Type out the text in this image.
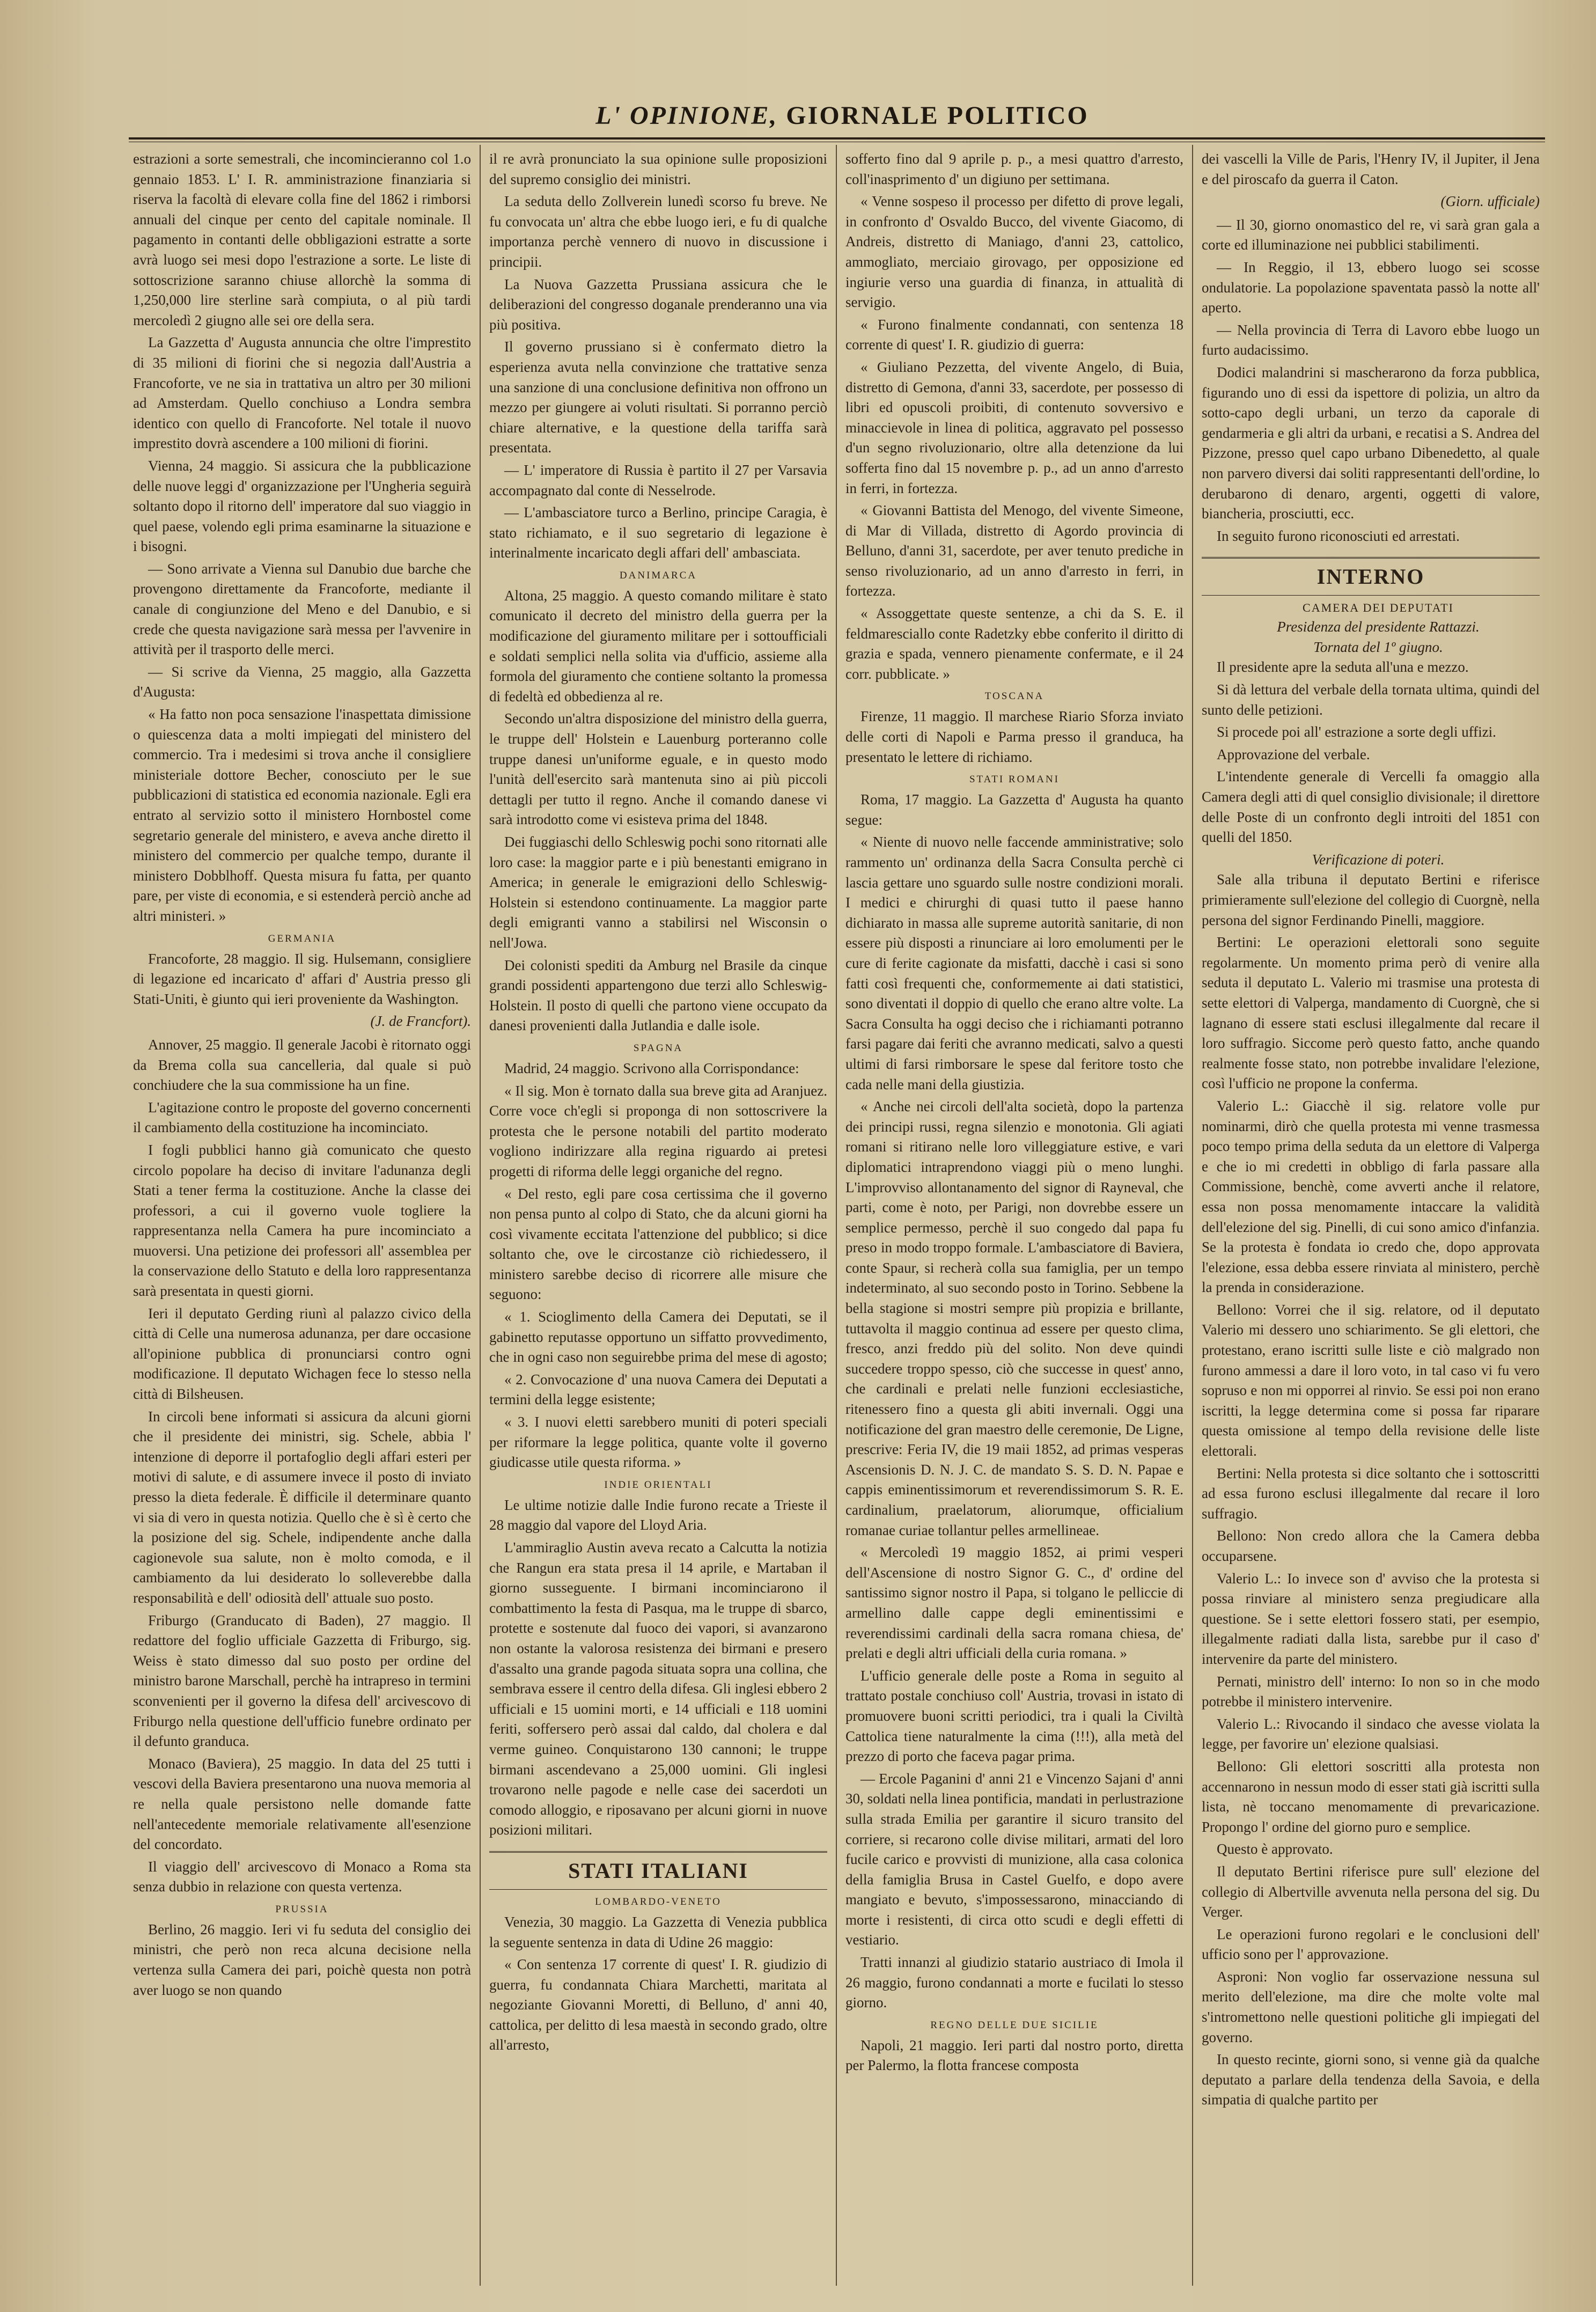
L' OPINIONE, GIORNALE POLITICO

estrazioni a sorte semestrali, che incomincieranno col 1.o gennaio 1853. L' I. R. amministrazione finanziaria si riserva la facoltà di elevare colla fine del 1862 i rimborsi annuali del cinque per cento del capitale nominale. Il pagamento in contanti delle obbligazioni estratte a sorte avrà luogo sei mesi dopo l'estrazione a sorte. Le liste di sottoscrizione saranno chiuse allorchè la somma di 1,250,000 lire sterline sarà compiuta, o al più tardi mercoledì 2 giugno alle sei ore della sera.

La Gazzetta d' Augusta annuncia che oltre l'imprestito di 35 milioni di fiorini che si negozia dall'Austria a Francoforte, ve ne sia in trattativa un altro per 30 milioni ad Amsterdam. Quello conchiuso a Londra sembra identico con quello di Francoforte. Nel totale il nuovo imprestito dovrà ascendere a 100 milioni di fiorini.

Vienna, 24 maggio. Si assicura che la pubblicazione delle nuove leggi d' organizzazione per l'Ungheria seguirà soltanto dopo il ritorno dell' imperatore dal suo viaggio in quel paese, volendo egli prima esaminarne la situazione e i bisogni.

— Sono arrivate a Vienna sul Danubio due barche che provengono direttamente da Francoforte, mediante il canale di congiunzione del Meno e del Danubio, e si crede che questa navigazione sarà messa per l'avvenire in attività per il trasporto delle merci.

— Si scrive da Vienna, 25 maggio, alla Gazzetta d'Augusta:

« Ha fatto non poca sensazione l'inaspettata dimissione o quiescenza data a molti impiegati del ministero del commercio. Tra i medesimi si trova anche il consigliere ministeriale dottore Becher, conosciuto per le sue pubblicazioni di statistica ed economia nazionale. Egli era entrato al servizio sotto il ministero Hornbostel come segretario generale del ministero, e aveva anche diretto il ministero del commercio per qualche tempo, durante il ministero Dobblhoff. Questa misura fu fatta, per quanto pare, per viste di economia, e si estenderà perciò anche ad altri ministeri. »

GERMANIA

Francoforte, 28 maggio. Il sig. Hulsemann, consigliere di legazione ed incaricato d' affari d' Austria presso gli Stati-Uniti, è giunto qui ieri proveniente da Washington.

(J. de Francfort).

Annover, 25 maggio. Il generale Jacobi è ritornato oggi da Brema colla sua cancelleria, dal quale si può conchiudere che la sua commissione ha un fine.

L'agitazione contro le proposte del governo concernenti il cambiamento della costituzione ha incominciato.

I fogli pubblici hanno già comunicato che questo circolo popolare ha deciso di invitare l'adunanza degli Stati a tener ferma la costituzione. Anche la classe dei professori, a cui il governo vuole togliere la rappresentanza nella Camera ha pure incominciato a muoversi. Una petizione dei professori all' assemblea per la conservazione dello Statuto e della loro rappresentanza sarà presentata in questi giorni.

Ieri il deputato Gerding riunì al palazzo civico della città di Celle una numerosa adunanza, per dare occasione all'opinione pubblica di pronunciarsi contro ogni modificazione. Il deputato Wichagen fece lo stesso nella città di Bilsheusen.

In circoli bene informati si assicura da alcuni giorni che il presidente dei ministri, sig. Schele, abbia l' intenzione di deporre il portafoglio degli affari esteri per motivi di salute, e di assumere invece il posto di inviato presso la dieta federale. È difficile il determinare quanto vi sia di vero in questa notizia. Quello che è sì è certo che la posizione del sig. Schele, indipendente anche dalla cagionevole sua salute, non è molto comoda, e il cambiamento da lui desiderato lo solleverebbe dalla responsabilità e dell' odiosità dell' attuale suo posto.

Friburgo (Granducato di Baden), 27 maggio. Il redattore del foglio ufficiale Gazzetta di Friburgo, sig. Weiss è stato dimesso dal suo posto per ordine del ministro barone Marschall, perchè ha intrapreso in termini sconvenienti per il governo la difesa dell' arcivescovo di Friburgo nella questione dell'ufficio funebre ordinato per il defunto granduca.

Monaco (Baviera), 25 maggio. In data del 25 tutti i vescovi della Baviera presentarono una nuova memoria al re nella quale persistono nelle domande fatte nell'antecedente memoriale relativamente all'esenzione del concordato.

Il viaggio dell' arcivescovo di Monaco a Roma sta senza dubbio in relazione con questa vertenza.

PRUSSIA

Berlino, 26 maggio. Ieri vi fu seduta del consiglio dei ministri, che però non reca alcuna decisione nella vertenza sulla Camera dei pari, poichè questa non potrà aver luogo se non quando

il re avrà pronunciato la sua opinione sulle proposizioni del supremo consiglio dei ministri.

La seduta dello Zollverein lunedì scorso fu breve. Ne fu convocata un' altra che ebbe luogo ieri, e fu di qualche importanza perchè vennero di nuovo in discussione i principii.

La Nuova Gazzetta Prussiana assicura che le deliberazioni del congresso doganale prenderanno una via più positiva.

Il governo prussiano si è confermato dietro la esperienza avuta nella convinzione che trattative senza una sanzione di una conclusione definitiva non offrono un mezzo per giungere ai voluti risultati. Si porranno perciò chiare alternative, e la questione della tariffa sarà presentata.

— L' imperatore di Russia è partito il 27 per Varsavia accompagnato dal conte di Nesselrode.

— L'ambasciatore turco a Berlino, principe Caragia, è stato richiamato, e il suo segretario di legazione è interinalmente incaricato degli affari dell' ambasciata.

DANIMARCA

Altona, 25 maggio. A questo comando militare è stato comunicato il decreto del ministro della guerra per la modificazione del giuramento militare per i sottoufficiali e soldati semplici nella solita via d'ufficio, assieme alla formola del giuramento che contiene soltanto la promessa di fedeltà ed obbedienza al re.

Secondo un'altra disposizione del ministro della guerra, le truppe dell' Holstein e Lauenburg porteranno colle truppe danesi un'uniforme eguale, e in questo modo l'unità dell'esercito sarà mantenuta sino ai più piccoli dettagli per tutto il regno. Anche il comando danese vi sarà introdotto come vi esisteva prima del 1848.

Dei fuggiaschi dello Schleswig pochi sono ritornati alle loro case: la maggior parte e i più benestanti emigrano in America; in generale le emigrazioni dello Schleswig-Holstein si estendono continuamente. La maggior parte degli emigranti vanno a stabilirsi nel Wisconsin o nell'Jowa.

Dei colonisti spediti da Amburg nel Brasile da cinque grandi possidenti appartengono due terzi allo Schleswig-Holstein. Il posto di quelli che partono viene occupato da danesi provenienti dalla Jutlandia e dalle isole.

SPAGNA

Madrid, 24 maggio. Scrivono alla Corrispondance:

« Il sig. Mon è tornato dalla sua breve gita ad Aranjuez. Corre voce ch'egli si proponga di non sottoscrivere la protesta che le persone notabili del partito moderato vogliono indirizzare alla regina riguardo ai pretesi progetti di riforma delle leggi organiche del regno.

« Del resto, egli pare cosa certissima che il governo non pensa punto al colpo di Stato, che da alcuni giorni ha così vivamente eccitata l'attenzione del pubblico; si dice soltanto che, ove le circostanze ciò richiedessero, il ministero sarebbe deciso di ricorrere alle misure che seguono:

« 1. Scioglimento della Camera dei Deputati, se il gabinetto reputasse opportuno un siffatto provvedimento, che in ogni caso non seguirebbe prima del mese di agosto;

« 2. Convocazione d' una nuova Camera dei Deputati a termini della legge esistente;

« 3. I nuovi eletti sarebbero muniti di poteri speciali per riformare la legge politica, quante volte il governo giudicasse utile questa riforma. »

INDIE ORIENTALI

Le ultime notizie dalle Indie furono recate a Trieste il 28 maggio dal vapore del Lloyd Aria.

L'ammiraglio Austin aveva recato a Calcutta la notizia che Rangun era stata presa il 14 aprile, e Martaban il giorno susseguente. I birmani incominciarono il combattimento la festa di Pasqua, ma le truppe di sbarco, protette e sostenute dal fuoco dei vapori, si avanzarono non ostante la valorosa resistenza dei birmani e presero d'assalto una grande pagoda situata sopra una collina, che sembrava essere il centro della difesa. Gli inglesi ebbero 2 ufficiali e 15 uomini morti, e 14 ufficiali e 118 uomini feriti, soffersero però assai dal caldo, dal cholera e dal verme guineo. Conquistarono 130 cannoni; le truppe birmani ascendevano a 25,000 uomini. Gli inglesi trovarono nelle pagode e nelle case dei sacerdoti un comodo alloggio, e riposavano per alcuni giorni in nuove posizioni militari.

STATI ITALIANI
LOMBARDO-VENETO

Venezia, 30 maggio. La Gazzetta di Venezia pubblica la seguente sentenza in data di Udine 26 maggio:

« Con sentenza 17 corrente di quest' I. R. giudizio di guerra, fu condannata Chiara Marchetti, maritata al negoziante Giovanni Moretti, di Belluno, d' anni 40, cattolica, per delitto di lesa maestà in secondo grado, oltre all'arresto,

sofferto fino dal 9 aprile p. p., a mesi quattro d'arresto, coll'inasprimento d' un digiuno per settimana.

« Venne sospeso il processo per difetto di prove legali, in confronto d' Osvaldo Bucco, del vivente Giacomo, di Andreis, distretto di Maniago, d'anni 23, cattolico, ammogliato, merciaio girovago, per opposizione ed ingiurie verso una guardia di finanza, in attualità di servigio.

« Furono finalmente condannati, con sentenza 18 corrente di quest' I. R. giudizio di guerra:

« Giuliano Pezzetta, del vivente Angelo, di Buia, distretto di Gemona, d'anni 33, sacerdote, per possesso di libri ed opuscoli proibiti, di contenuto sovversivo e minaccievole in linea di politica, aggravato pel possesso d'un segno rivoluzionario, oltre alla detenzione da lui sofferta fino dal 15 novembre p. p., ad un anno d'arresto in ferri, in fortezza.

« Giovanni Battista del Menogo, del vivente Simeone, di Mar di Villada, distretto di Agordo provincia di Belluno, d'anni 31, sacerdote, per aver tenuto prediche in senso rivoluzionario, ad un anno d'arresto in ferri, in fortezza.

« Assoggettate queste sentenze, a chi da S. E. il feldmaresciallo conte Radetzky ebbe conferito il diritto di grazia e spada, vennero pienamente confermate, e il 24 corr. pubblicate. »

TOSCANA

Firenze, 11 maggio. Il marchese Riario Sforza inviato delle corti di Napoli e Parma presso il granduca, ha presentato le lettere di richiamo.

STATI ROMANI

Roma, 17 maggio. La Gazzetta d' Augusta ha quanto segue:

« Niente di nuovo nelle faccende amministrative; solo rammento un' ordinanza della Sacra Consulta perchè ci lascia gettare uno sguardo sulle nostre condizioni morali. I medici e chirurghi di quasi tutto il paese hanno dichiarato in massa alle supreme autorità sanitarie, di non essere più disposti a rinunciare ai loro emolumenti per le cure di ferite cagionate da misfatti, dacchè i casi si sono fatti così frequenti che, conformemente ai dati statistici, sono diventati il doppio di quello che erano altre volte. La Sacra Consulta ha oggi deciso che i richiamanti potranno farsi pagare dai feriti che avranno medicati, salvo a questi ultimi di farsi rimborsare le spese dal feritore tosto che cada nelle mani della giustizia.

« Anche nei circoli dell'alta società, dopo la partenza dei principi russi, regna silenzio e monotonia. Gli agiati romani si ritirano nelle loro villeggiature estive, e vari diplomatici intraprendono viaggi più o meno lunghi. L'improvviso allontanamento del signor di Rayneval, che parti, come è noto, per Parigi, non dovrebbe essere un semplice permesso, perchè il suo congedo dal papa fu preso in modo troppo formale. L'ambasciatore di Baviera, conte Spaur, si recherà colla sua famiglia, per un tempo indeterminato, al suo secondo posto in Torino. Sebbene la bella stagione si mostri sempre più propizia e brillante, tuttavolta il maggio continua ad essere per questo clima, fresco, anzi freddo più del solito. Non deve quindi succedere troppo spesso, ciò che successe in quest' anno, che cardinali e prelati nelle funzioni ecclesiastiche, ritenessero fino a questa gli abiti invernali. Oggi una notificazione del gran maestro delle ceremonie, De Ligne, prescrive: Feria IV, die 19 maii 1852, ad primas vesperas Ascensionis D. N. J. C. de mandato S. S. D. N. Papae e cappis eminentissimorum et reverendissimorum S. R. E. cardinalium, praelatorum, aliorumque, officialium romanae curiae tollantur pelles armellineae.

« Mercoledì 19 maggio 1852, ai primi vesperi dell'Ascensione di nostro Signor G. C., d' ordine del santissimo signor nostro il Papa, si tolgano le pelliccie di armellino dalle cappe degli eminentissimi e reverendissimi cardinali della sacra romana chiesa, de' prelati e degli altri ufficiali della curia romana. »

L'ufficio generale delle poste a Roma in seguito al trattato postale conchiuso coll' Austria, trovasi in istato di promuovere buoni scritti periodici, tra i quali la Civiltà Cattolica tiene naturalmente la cima (!!!), alla metà del prezzo di porto che faceva pagar prima.

— Ercole Paganini d' anni 21 e Vincenzo Sajani d' anni 30, soldati nella linea pontificia, mandati in perlustrazione sulla strada Emilia per garantire il sicuro transito del corriere, si recarono colle divise militari, armati del loro fucile carico e provvisti di munizione, alla casa colonica della famiglia Brusa in Castel Guelfo, e dopo avere mangiato e bevuto, s'impossessarono, minacciando di morte i resistenti, di circa otto scudi e degli effetti di vestiario.

Tratti innanzi al giudizio statario austriaco di Imola il 26 maggio, furono condannati a morte e fucilati lo stesso giorno.

REGNO DELLE DUE SICILIE

Napoli, 21 maggio. Ieri parti dal nostro porto, diretta per Palermo, la flotta francese composta

dei vascelli la Ville de Paris, l'Henry IV, il Jupiter, il Jena e del piroscafo da guerra il Caton.

(Giorn. ufficiale)

— Il 30, giorno onomastico del re, vi sarà gran gala a corte ed illuminazione nei pubblici stabilimenti.

— In Reggio, il 13, ebbero luogo sei scosse ondulatorie. La popolazione spaventata passò la notte all' aperto.

— Nella provincia di Terra di Lavoro ebbe luogo un furto audacissimo.

Dodici malandrini si mascherarono da forza pubblica, figurando uno di essi da ispettore di polizia, un altro da sotto-capo degli urbani, un terzo da caporale di gendarmeria e gli altri da urbani, e recatisi a S. Andrea del Pizzone, presso quel capo urbano Dibenedetto, al quale non parvero diversi dai soliti rappresentanti dell'ordine, lo derubarono di denaro, argenti, oggetti di valore, biancheria, prosciutti, ecc.

In seguito furono riconosciuti ed arrestati.

INTERNO

CAMERA DEI DEPUTATI

Presidenza del presidente Rattazzi.

Tornata del 1º giugno.

Il presidente apre la seduta all'una e mezzo.

Si dà lettura del verbale della tornata ultima, quindi del sunto delle petizioni.

Si procede poi all' estrazione a sorte degli uffizi.

Approvazione del verbale.

L'intendente generale di Vercelli fa omaggio alla Camera degli atti di quel consiglio divisionale; il direttore delle Poste di un confronto degli introiti del 1851 con quelli del 1850.

Verificazione di poteri.

Sale alla tribuna il deputato Bertini e riferisce primieramente sull'elezione del collegio di Cuorgnè, nella persona del signor Ferdinando Pinelli, maggiore.

Bertini: Le operazioni elettorali sono seguite regolarmente. Un momento prima però di venire alla seduta il deputato L. Valerio mi trasmise una protesta di sette elettori di Valperga, mandamento di Cuorgnè, che si lagnano di essere stati esclusi illegalmente dal recare il loro suffragio. Siccome però questo fatto, anche quando realmente fosse stato, non potrebbe invalidare l'elezione, così l'ufficio ne propone la conferma.

Valerio L.: Giacchè il sig. relatore volle pur nominarmi, dirò che quella protesta mi venne trasmessa poco tempo prima della seduta da un elettore di Valperga e che io mi credetti in obbligo di farla passare alla Commissione, benchè, come avverti anche il relatore, essa non possa menomamente intaccare la validità dell'elezione del sig. Pinelli, di cui sono amico d'infanzia. Se la protesta è fondata io credo che, dopo approvata l'elezione, essa debba essere rinviata al ministero, perchè la prenda in considerazione.

Bellono: Vorrei che il sig. relatore, od il deputato Valerio mi dessero uno schiarimento. Se gli elettori, che protestano, erano iscritti sulle liste e ciò malgrado non furono ammessi a dare il loro voto, in tal caso vi fu vero sopruso e non mi opporrei al rinvio. Se essi poi non erano iscritti, la legge determina come si possa far riparare questa omissione al tempo della revisione delle liste elettorali.

Bertini: Nella protesta si dice soltanto che i sottoscritti ad essa furono esclusi illegalmente dal recare il loro suffragio.

Bellono: Non credo allora che la Camera debba occuparsene.

Valerio L.: Io invece son d' avviso che la protesta si possa rinviare al ministero senza pregiudicare alla questione. Se i sette elettori fossero stati, per esempio, illegalmente radiati dalla lista, sarebbe pur il caso d' intervenire da parte del ministero.

Pernati, ministro dell' interno: Io non so in che modo potrebbe il ministero intervenire.

Valerio L.: Rivocando il sindaco che avesse violata la legge, per favorire un' elezione qualsiasi.

Bellono: Gli elettori soscritti alla protesta non accennarono in nessun modo di esser stati già iscritti sulla lista, nè toccano menomamente di prevaricazione. Propongo l' ordine del giorno puro e semplice.

Questo è approvato.

Il deputato Bertini riferisce pure sull' elezione del collegio di Albertville avvenuta nella persona del sig. Du Verger.

Le operazioni furono regolari e le conclusioni dell' ufficio sono per l' approvazione.

Asproni: Non voglio far osservazione nessuna sul merito dell'elezione, ma dire che molte volte mal s'intromettono nelle questioni politiche gli impiegati del governo.

In questo recinte, giorni sono, si venne già da qualche deputato a parlare della tendenza della Savoia, e della simpatia di qualche partito per
